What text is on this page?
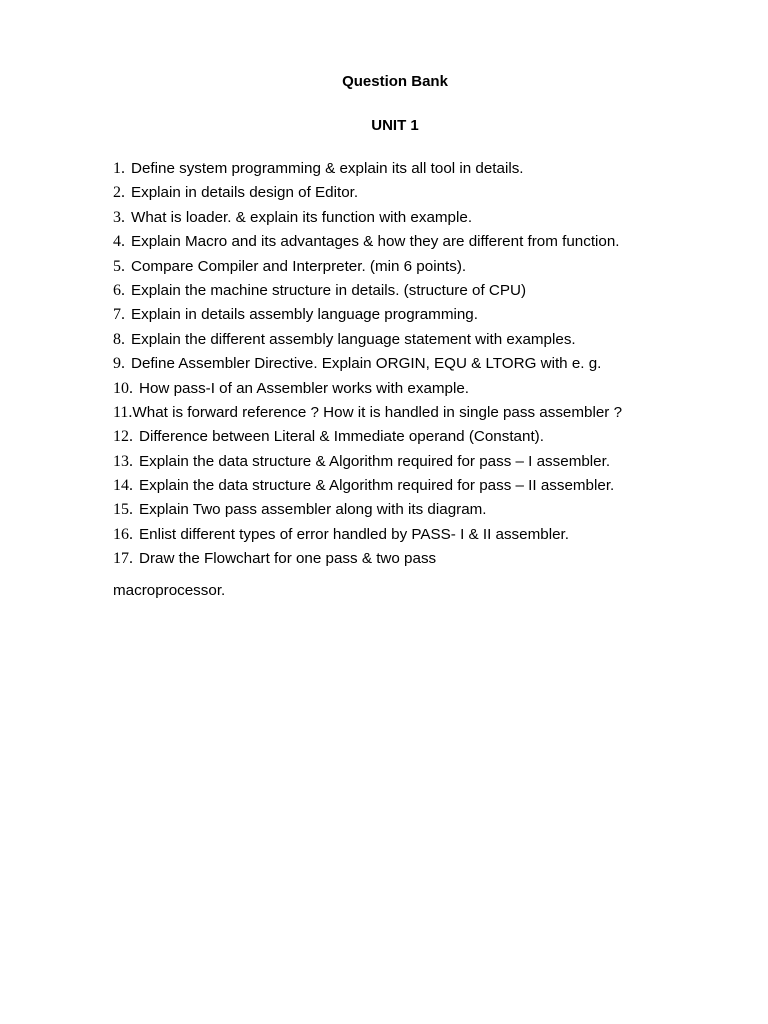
Question Bank
UNIT 1
1. Define system programming & explain its all tool in details.
2. Explain in details design of Editor.
3. What is loader. & explain its function with example.
4. Explain Macro and its advantages & how they are different from function.
5. Compare Compiler and Interpreter. (min 6 points).
6. Explain the machine structure in details. (structure of CPU)
7. Explain in details assembly language programming.
8. Explain the different assembly language statement with examples.
9. Define Assembler Directive. Explain ORGIN, EQU & LTORG with e. g.
10. How pass-I of an Assembler works with example.
11.What is forward reference ? How it is handled in single pass assembler ?
12. Difference between Literal & Immediate operand (Constant).
13. Explain the data structure & Algorithm required for pass – I assembler.
14. Explain the data structure & Algorithm required for pass – II assembler.
15. Explain Two pass assembler along with its diagram.
16. Enlist different types of error handled by PASS- I & II assembler.
17. Draw the Flowchart for one pass & two pass

macroprocessor.
